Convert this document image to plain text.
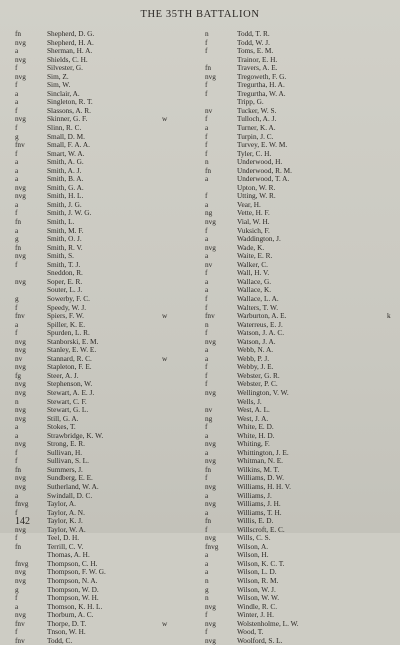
THE 35TH BATTALION
fn	Shepherd, D. G.
nvg	Shepherd, H. A.
a	Sherman, H. A.
nvg	Shields, C. H.
f	Silvester, G.
nvg	Sim, Z.
f	Sim, W.
a	Sinclair, A.
a	Singleton, R. T.
f	Slassons, A. R.
nvg	Skinner, G. F.	w
f	Slinn, R. C.
g	Small, D. M.
fnv	Small, F. A. A.
f	Smart, W. A.
a	Smith, A. G.
a	Smith, A. J.
a	Smith, B. A.
nvg	Smith, G. A.
nvg	Smith, H. L.
a	Smith, J. G.
f	Smith, J. W. G.
fn	Smith, L.
a	Smith, M. F.
g	Smith, O. J.
fn	Smith, R. V.
nvg	Smith, S.
f	Smith, T. J.
Sneddon, R.
nvg	Soper, E. R.
Souter, L. J.
g	Sowerby, F. C.
f	Speedy, W. J.
fnv	Spiers, F. W.	w
a	Spiller, K. E.
f	Spurden, L. R.
nvg	Stanborski, E. M.
nvg	Stanley, E. W. E.
nv	Stannard, R. C.	w
nvg	Stapleton, F. E.
fg	Steer, A. J.
nvg	Stephenson, W.
nvg	Stewart, A. E. J.
n	Stewart, C. F.
nvg	Stewart, G. L.
nvg	Still, G. A.
a	Stokes, T.
a	Strawbridge, K. W.
nvg	Strong, E. R.
f	Sullivan, H.
f	Sullivan, S. L.
fn	Summers, J.
nvg	Sundberg, E. E.
nvg	Sutherland, W. A.
a	Swindall, D. C.
fnvg	Taylor, A.
f	Taylor, A. N.
Taylor, K. J.
nvg	Taylor, W. A.
f	Teel, D. H.
fn	Terrill, C. V.
Thomas, A. H.
fnvg	Thompson, C. H.
nvg	Thompson, F. W. G.
nvg	Thompson, N. A.
g	Thompson, W. D.
f	Thompson, W. H.
a	Thomson, K. H. L.
nvg	Thorburn, A. C.
fnv	Thorpe, D. T.	w
f	Tnson, W. H.
fnv	Todd, C.
n	Todd, T. R.
f	Todd, W. J.
f	Toms, E. M.
Trainor, E. H.
fn	Travers, A. E.
nvg	Tregoweth, F. G.
f	Tregurtha, H. A.
f	Tregurtha, W. A.
Tripp, G.
nv	Tucker, W. S.
f	Tulloch, A. J.
a	Turner, K. A.
f	Turpin, J. C.
f	Turvey, E. W. M.
f	Tyler, C. H.
n	Underwood, H.
fn	Underwood, R. M.
a	Underwood, T. A.
Upton, W. R.
f	Utting, W. R.
a	Vear, H.
ng	Vette, H. F.
nvg	Vial, W. H.
f	Vuksich, F.
a	Waddington, J.
nvg	Wade, K.
a	Waite, E. R.
nv	Walker, C.
f	Wall, H. V.
a	Wallace, G.
a	Wallace, K.
f	Wallace, L. A.
f	Walters, T. W.
fnv	Warburton, A. E.	k
n	Waterreus, E. J.
f	Watson, J. A. C.
nvg	Watson, J. A.
a	Webb, N. A.
a	Webb, P. J.
f	Webby, J. E.
f	Webster, G. R.
f	Webster, P. C.
nvg	Wellington, V. W.
Wells, J.
nv	West, A. L.
ng	West, J. A.
f	White, E. D.
a	White, H. D.
nvg	Whiting, F.
a	Whittington, J. E.
nvg	Whitman, N. E.
fn	Wilkins, M. T.
f	Williams, D. W.
nvg	Williams, H. H. V.
a	Williams, J.
nvg	Williams, J. H.
a	Williams, T. H.
fn	Willis, E. D.
f	Willscroft, E. C.
nvg	Wills, C. S.
fnvg	Wilson, A.
a	Wilson, H.
a	Wilson, K. C. T.
a	Wilson, L. D.
n	Wilson, R. M.
g	Wilson, W. J.
n	Wilson, W. W.
nvg	Windle, R. C.
f	Winter, J. H.
nvg	Wolstenholme, L. W.
f	Wood, T.
nvg	Woolford, S. L.
142
